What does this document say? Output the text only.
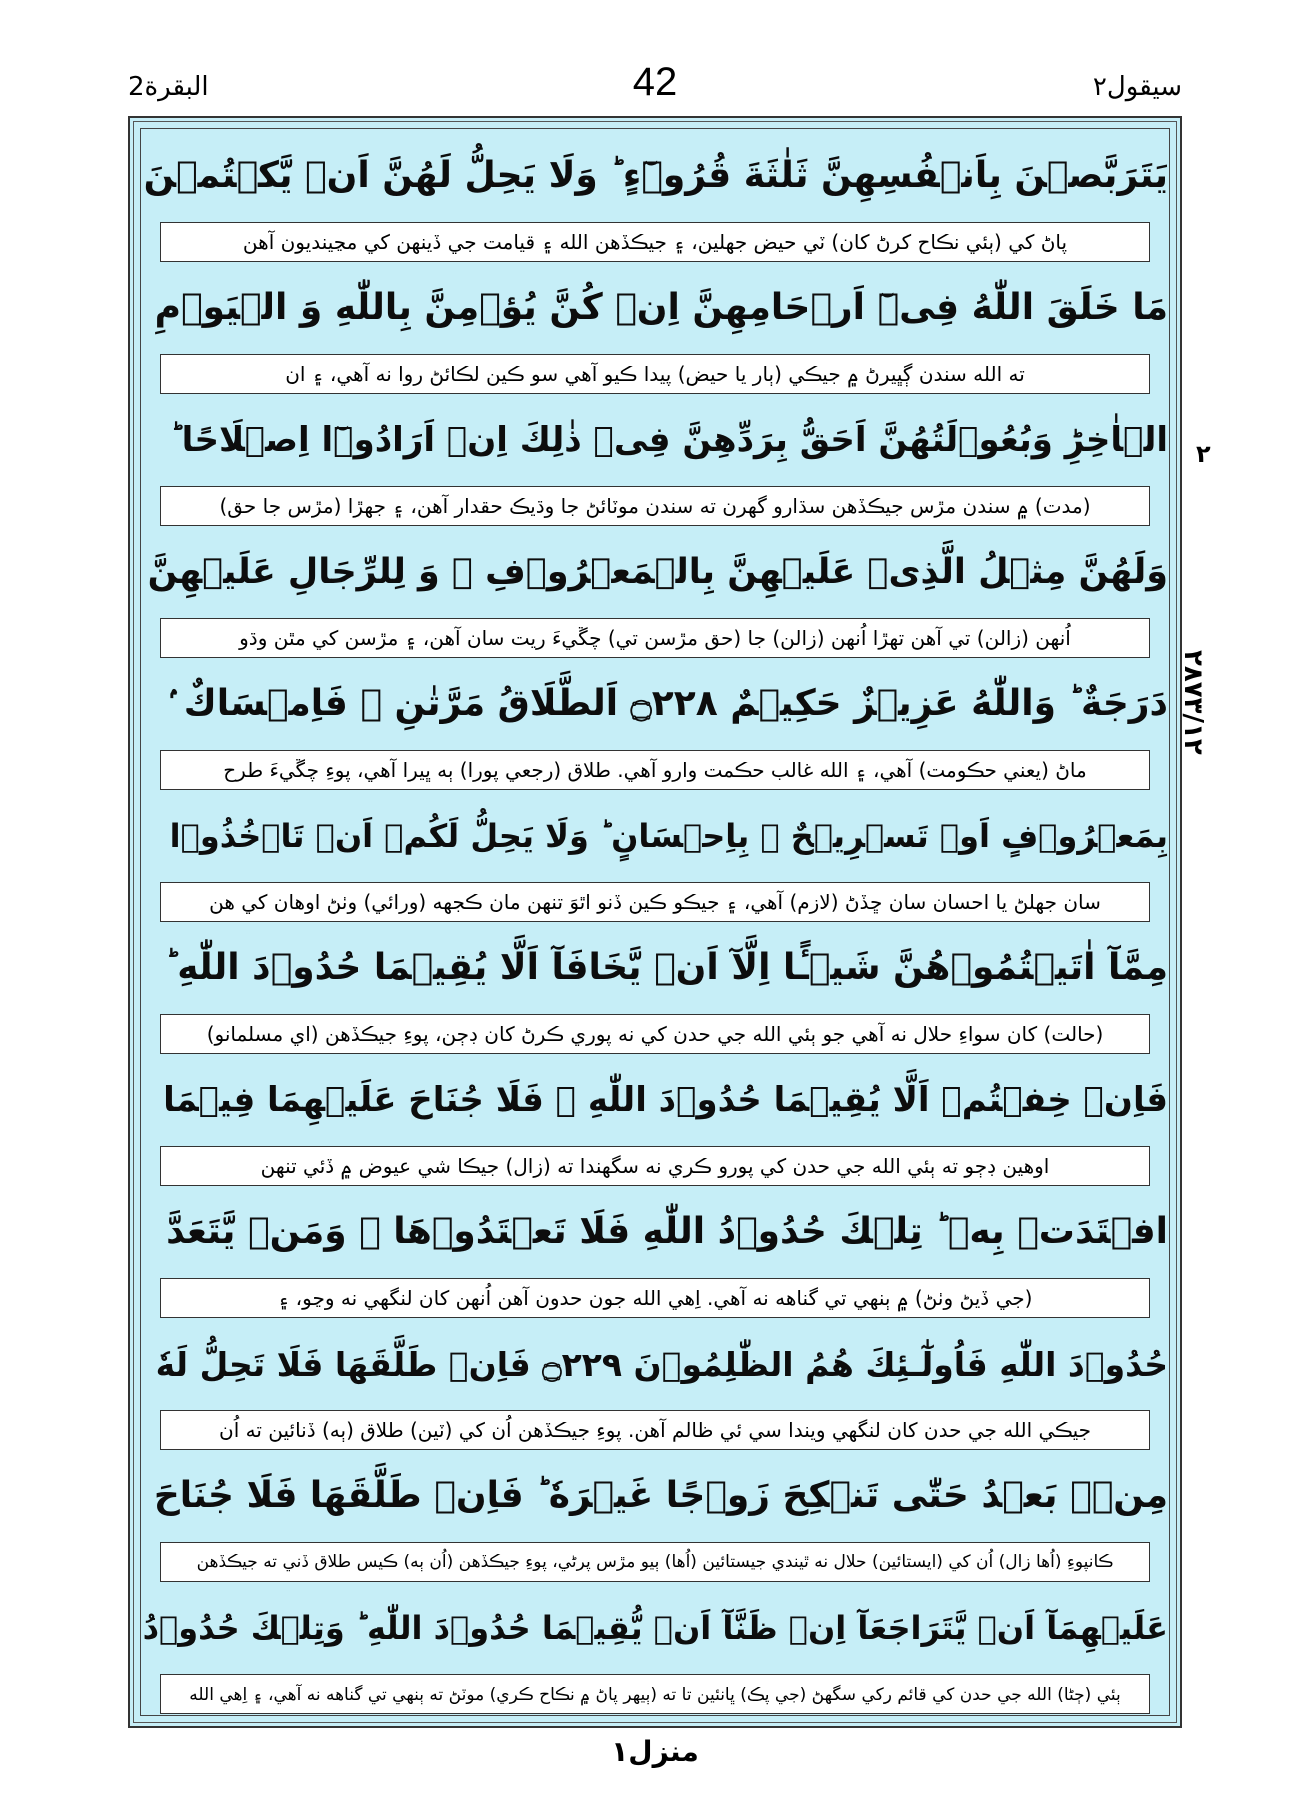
البقرة2	42	سيقول٢
يَتَرَبَّصۡنَ بِاَنۡفُسِهِنَّ ثَلٰثَةَ قُرُوۡٓءٍ ؕ وَلَا يَحِلُّ لَهُنَّ اَنۡ يَّكۡتُمۡنَ
پاڻ کي (ٻئي نڪاح کرڻ کان) ٽي حيض جهلين، ۽ جيڪڏهن الله ۽ قيامت جي ڏينهن کي مڃينديون آهن
مَا خَلَقَ اللّٰهُ فِىۡٓ اَرۡحَامِهِنَّ اِنۡ كُنَّ يُؤۡمِنَّ بِاللّٰهِ وَ الۡيَوۡمِ
ته الله سندن ڳڀيرڻ ۾ جيڪي (ٻار يا حيض) پيدا ڪيو آهي سو ڪين لڪائڻ روا نه آهي، ۽ ان
الۡاٰخِرِؕ وَبُعُوۡلَتُهُنَّ اَحَقُّ بِرَدِّهِنَّ فِىۡ ذٰلِكَ اِنۡ اَرَادُوۡٓا اِصۡلَاحًا ؕ
(مدت) ۾ سندن مڙس جيڪڏهن سڌارو گهرن ته سندن موٽائڻ جا وڌيڪ حقدار آهن، ۽ جهڙا (مڙس جا حق)
وَلَهُنَّ مِثۡلُ الَّذِىۡ عَلَيۡهِنَّ بِالۡمَعۡرُوۡفِ ۖ وَ لِلرِّجَالِ عَلَيۡهِنَّ
اُنهن (زالن) تي آهن تهڙا اُنهن (زالن) جا (حق مڙسن تي) چڱيءَ ريت سان آهن، ۽ مڙسن کي مٿن وڌو
دَرَجَةٌ ؕ وَاللّٰهُ عَزِيۡزٌ حَكِيۡمٌ ۝٢٢٨ اَلطَّلَاقُ مَرَّتٰنِ ۖ فَاِمۡسَاكٌ ۢ
ماڻ (يعني حڪومت) آهي، ۽ الله غالب حڪمت وارو آهي. طلاق (رجعي پورا) ٻه ڀيرا آهي، پوءِ چڱيءَ طرح
بِمَعۡرُوۡفٍ اَوۡ تَسۡرِيۡحٌ ۢ بِاِحۡسَانٍ ؕ وَلَا يَحِلُّ لَكُمۡ اَنۡ تَاۡخُذُوۡا
سان جهلڻ يا احسان سان ڇڏڻ (لازم) آهي، ۽ جيڪو ڪين ڏنو اٿوَ تنهن مان ڪجهه (ورائي) وٺڻ اوهان کي هن
مِمَّآ اٰتَيۡتُمُوۡهُنَّ شَيۡـًٔا اِلَّآ اَنۡ يَّخَافَآ اَلَّا يُقِيۡمَا حُدُوۡدَ اللّٰهِ ؕ
(حالت) کان سواءِ حلال نه آهي جو ٻئي الله جي حدن کي نه پوري ڪرڻ کان ڊڄن، پوءِ جيڪڏهن (اي مسلمانو)
فَاِنۡ خِفۡتُمۡ اَلَّا يُقِيۡمَا حُدُوۡدَ اللّٰهِ ۙ فَلَا جُنَاحَ عَلَيۡهِمَا فِيۡمَا
اوهين ڊڄو ته ٻئي الله جي حدن کي پورو ڪري نه سگهندا ته (زال) جيڪا شي عيوض ۾ ڏئي تنهن
افۡتَدَتۡ بِهٖ ؕ تِلۡكَ حُدُوۡدُ اللّٰهِ فَلَا تَعۡتَدُوۡهَا ۚ وَمَنۡ يَّتَعَدَّ
(جي ڏيڻ وٺڻ) ۾ ٻنهي تي گناهه نه آهي. اِهي الله جون حدون آهن اُنهن کان لنگهي نه وڃو، ۽
حُدُوۡدَ اللّٰهِ فَاُولٰٓـئِكَ هُمُ الظّٰلِمُوۡنَ ۝٢٢٩ فَاِنۡ طَلَّقَهَا فَلَا تَحِلُّ لَهٗ
جيڪي الله جي حدن کان لنگهي ويندا سي ئي ظالم آهن. پوءِ جيڪڏهن اُن کي (ٽين) طلاق (ٻه) ڏنائين ته اُن
مِنۡۢ بَعۡدُ حَتّٰى تَنۡكِحَ زَوۡجًا غَيۡرَهٗ ؕ فَاِنۡ طَلَّقَهَا فَلَا جُنَاحَ
ڪانپوءِ (اُها زال) اُن کي (ايستائين) حلال نه ٿيندي جيستائين (اُها) ٻيو مڙس پرڻي، پوءِ جيڪڏهن (اُن ٻه) ڪيس طلاق ڏني ته جيڪڏهن
عَلَيۡهِمَآ اَنۡ يَّتَرَاجَعَآ اِنۡ ظَنَّآ اَنۡ يُّقِيۡمَا حُدُوۡدَ اللّٰهِ ؕ وَتِلۡكَ حُدُوۡدُ
ٻئي (ڄڻا) الله جي حدن کي قائم رکي سگهڻ (جي پڪ) ڀانئين تا ته (ٻيهر پاڻ ۾ نڪاح ڪري) موٽڻ ته ٻنهي تي گناهه نه آهي، ۽ اِهي الله
٢
٢٨٧٣/١٢
منزل١
